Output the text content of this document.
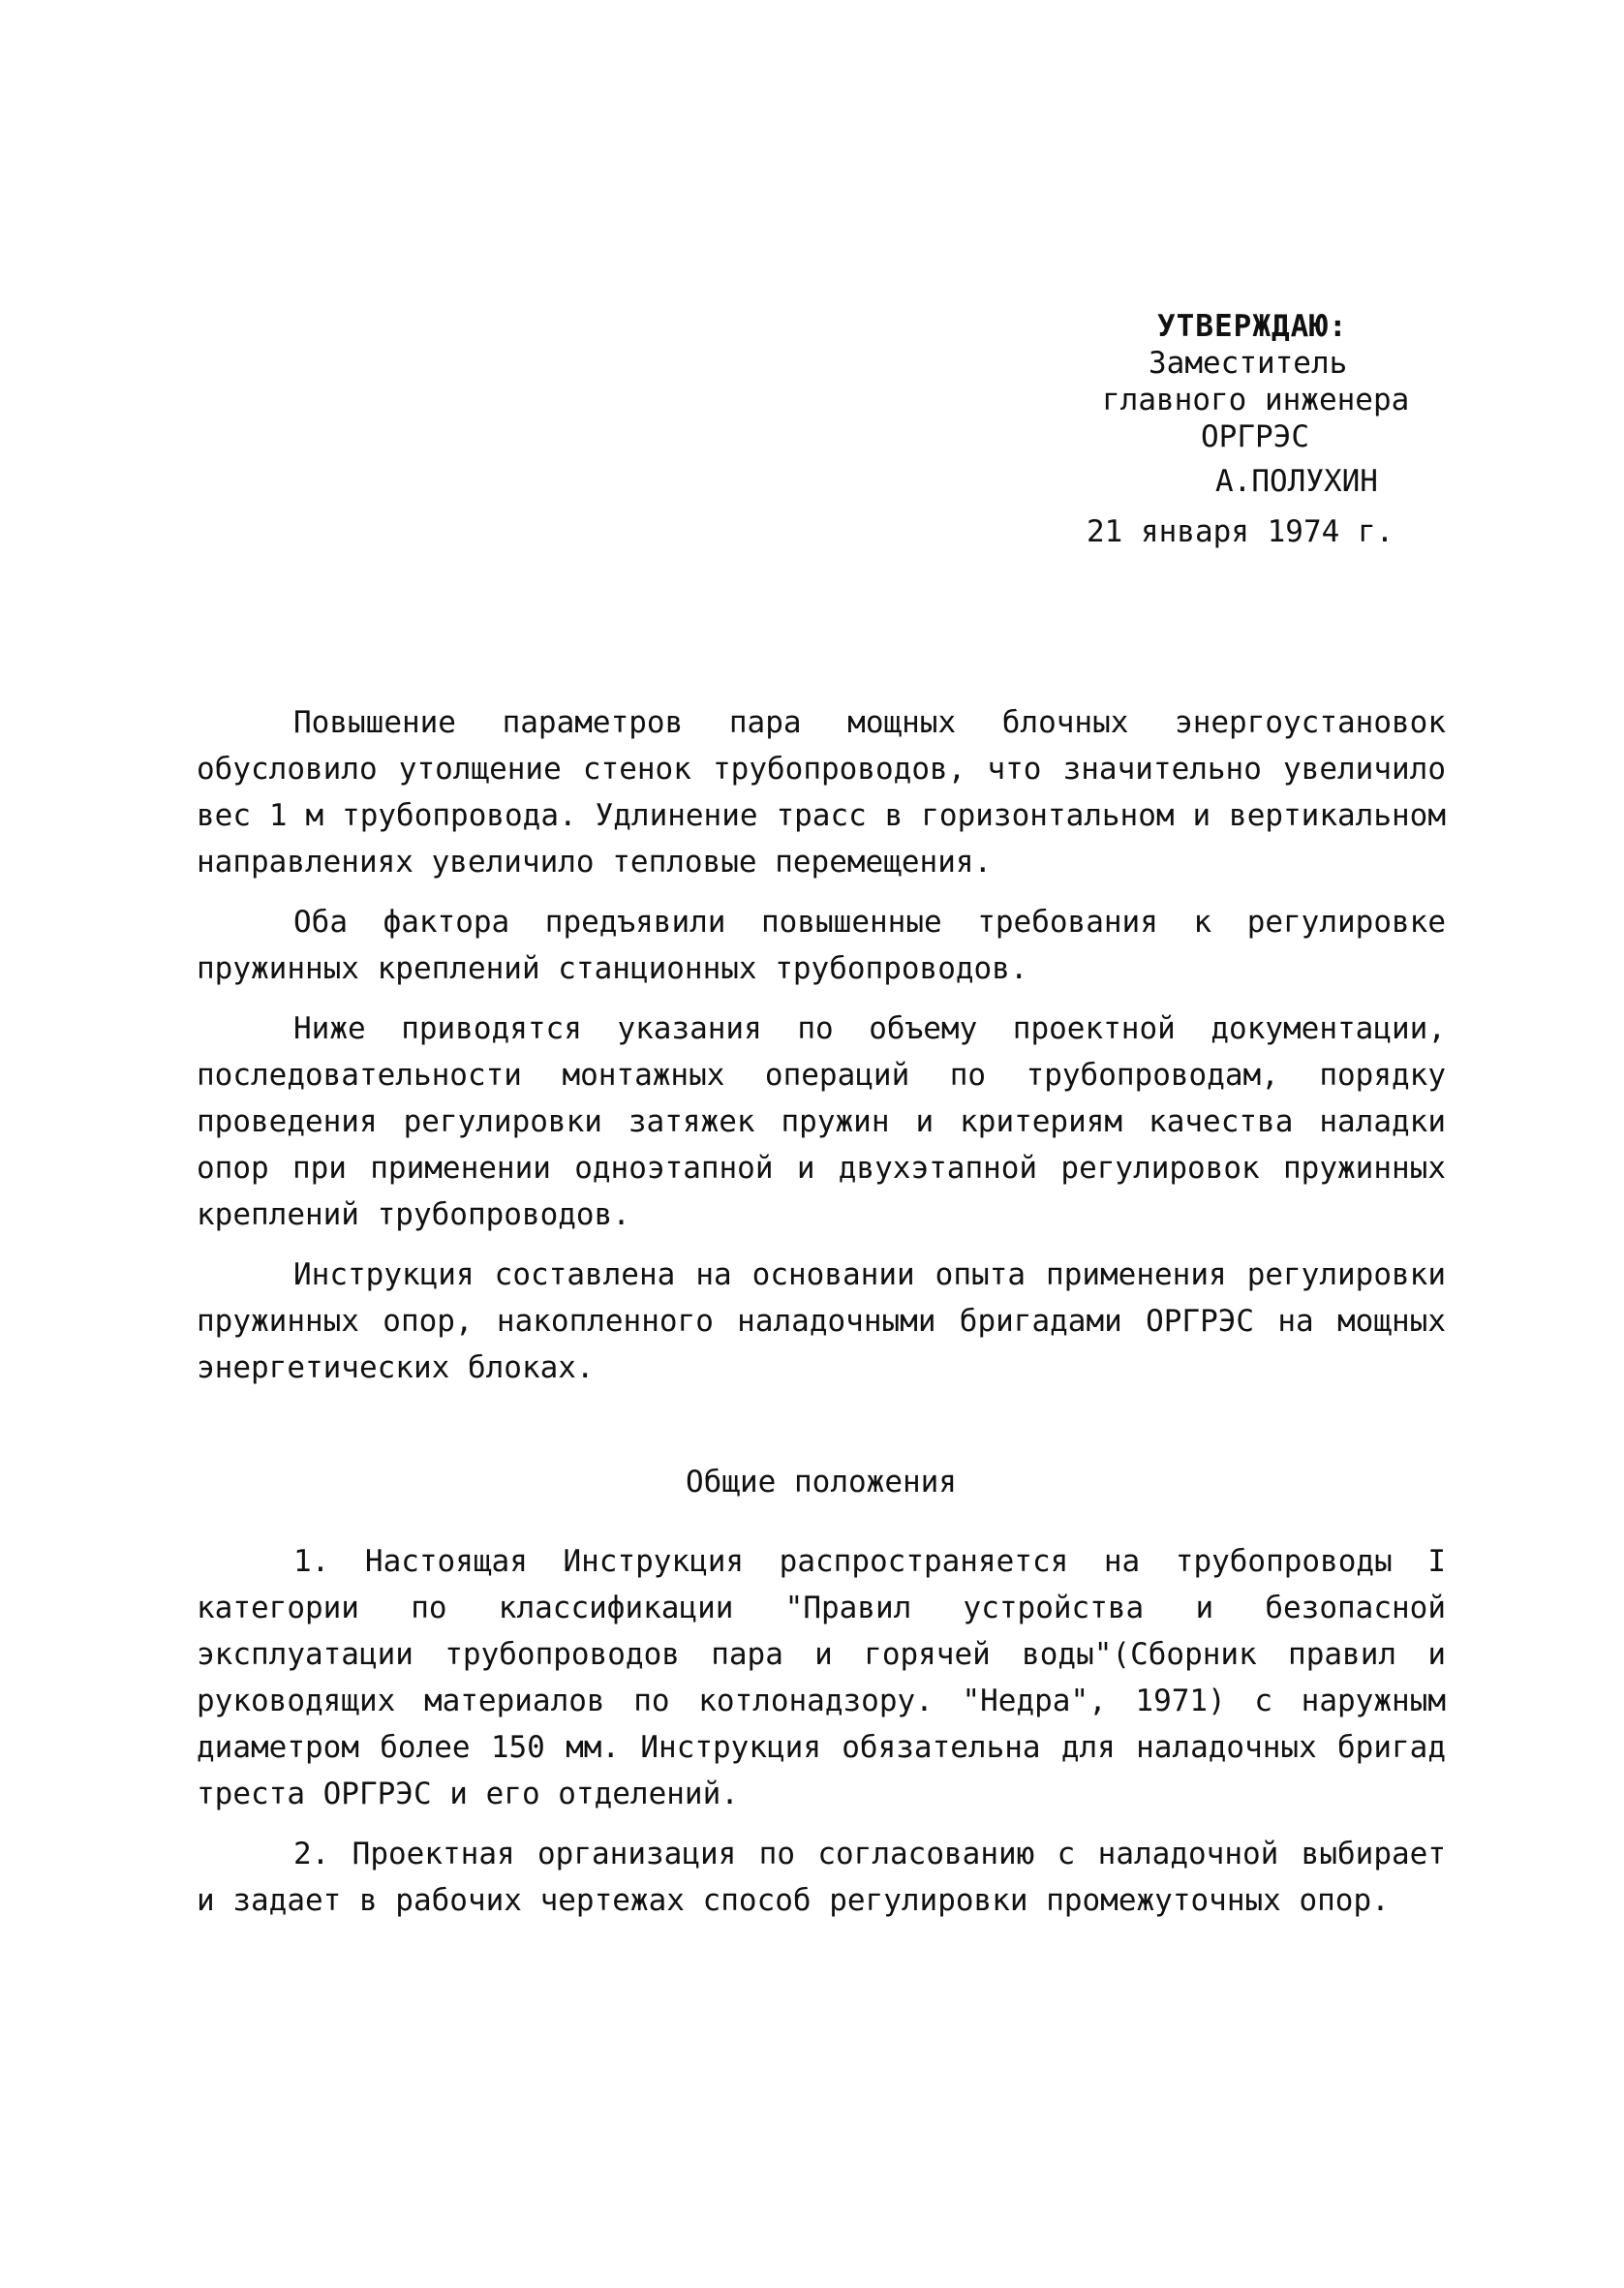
УТВЕРЖДАЮ:
Заместитель
главного инженера
ОРГРЭС
А.ПОЛУХИН
21 января 1974 г.

Повышение параметров пара мощных блочных энергоустановок обусловило утолщение стенок трубопроводов, что значительно увеличило вес 1 м трубопровода. Удлинение трасс в горизонтальном и вертикальном направлениях увеличило тепловые перемещения.

Оба фактора предъявили повышенные требования к регулировке пружинных креплений станционных трубопроводов.

Ниже приводятся указания по объему проектной документации, последовательности монтажных операций по трубопроводам, порядку проведения регулировки затяжек пружин и критериям качества наладки опор при применении одноэтапной и двухэтапной регулировок пружинных креплений трубопроводов.

Инструкция составлена на основании опыта применения регулировки пружинных опор, накопленного наладочными бригадами ОРГРЭС на мощных энергетических блоках.

Общие положения

1. Настоящая Инструкция распространяется на трубопроводы I категории по классификации "Правил устройства и безопасной эксплуатации трубопроводов пара и горячей воды"(Сборник правил и руководящих материалов по котлонадзору. "Недра", 1971) с наружным диаметром более 150 мм. Инструкция обязательна для наладочных бригад треста ОРГРЭС и его отделений.

2. Проектная организация по согласованию с наладочной выбирает и задает в рабочих чертежах способ регулировки промежуточных опор.
